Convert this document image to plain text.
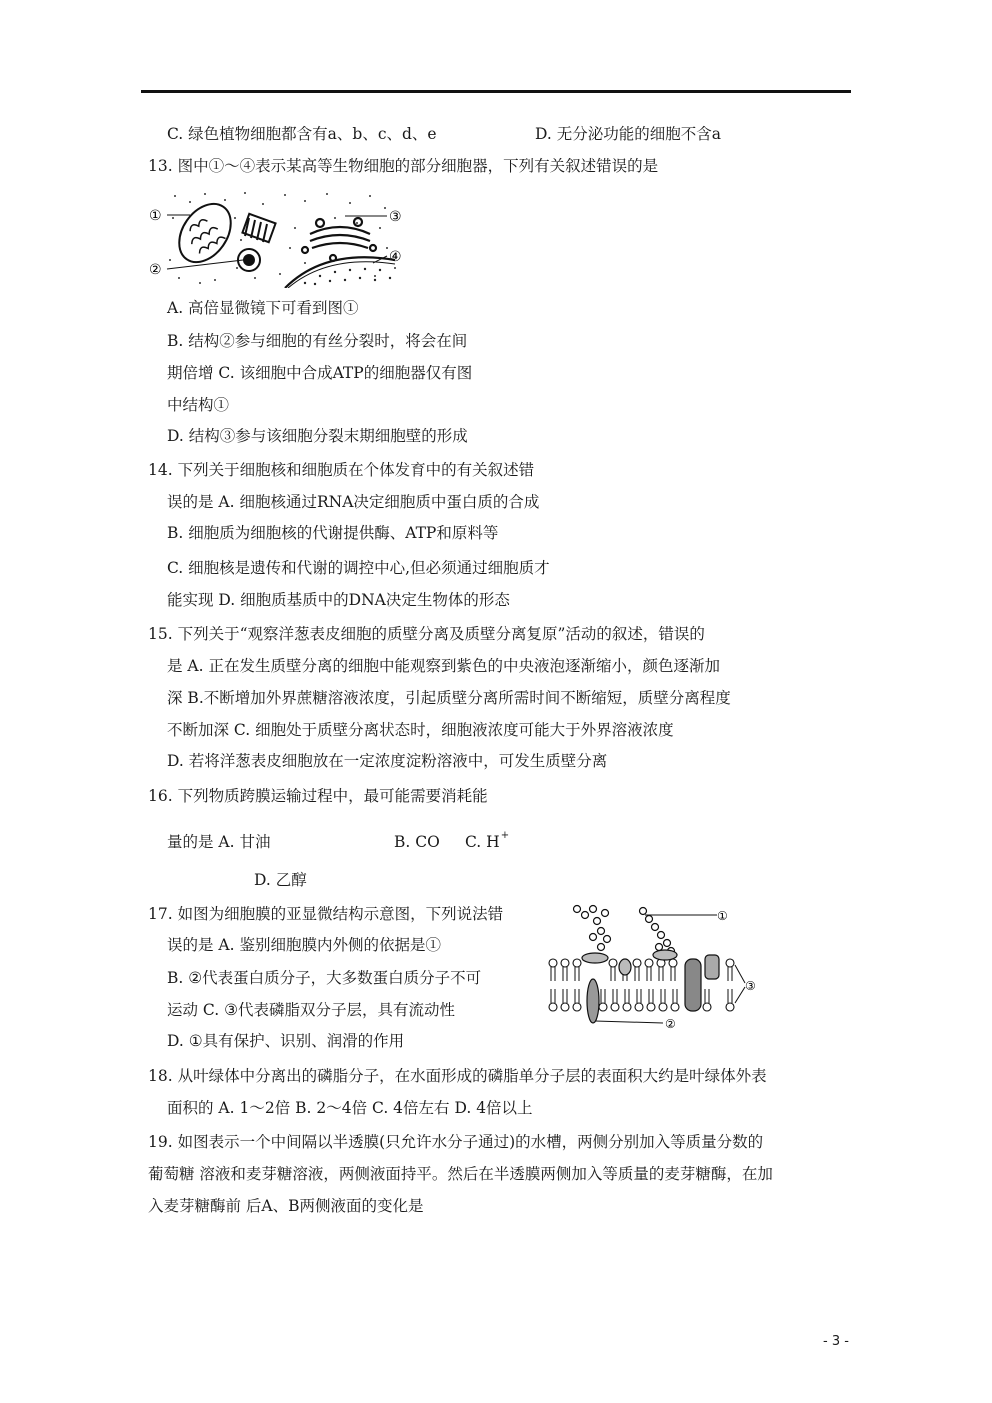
C. 绿色植物细胞都含有a、b、c、d、e	D. 无分泌功能的细胞不含a
13. 图中①～④表示某高等生物细胞的部分细胞器，下列有关叙述错误的是
①
②
③
④
A. 高倍显微镜下可看到图①
B. 结构②参与细胞的有丝分裂时，将会在间
期倍增 C. 该细胞中合成ATP的细胞器仅有图
中结构①
D. 结构③参与该细胞分裂末期细胞壁的形成
14. 下列关于细胞核和细胞质在个体发育中的有关叙述错
误的是 A. 细胞核通过RNA决定细胞质中蛋白质的合成
B. 细胞质为细胞核的代谢提供酶、ATP和原料等
C. 细胞核是遗传和代谢的调控中心,但必须通过细胞质才
能实现 D. 细胞质基质中的DNA决定生物体的形态
15. 下列关于“观察洋葱表皮细胞的质壁分离及质壁分离复原”活动的叙述，错误的
是 A. 正在发生质壁分离的细胞中能观察到紫色的中央液泡逐渐缩小，颜色逐渐加
深 B.不断增加外界蔗糖溶液浓度，引起质壁分离所需时间不断缩短，质壁分离程度
不断加深 C. 细胞处于质壁分离状态时，细胞液浓度可能大于外界溶液浓度
D. 若将洋葱表皮细胞放在一定浓度淀粉溶液中，可发生质壁分离
16. 下列物质跨膜运输过程中，最可能需要消耗能
量的是 A. 甘油	B. CO C. H+
D. 乙醇
17. 如图为细胞膜的亚显微结构示意图，下列说法错
误的是 A. 鉴别细胞膜内外侧的依据是①
B. ②代表蛋白质分子，大多数蛋白质分子不可
运动 C. ③代表磷脂双分子层，具有流动性
D. ①具有保护、识别、润滑的作用
①
②
③
18. 从叶绿体中分离出的磷脂分子，在水面形成的磷脂单分子层的表面积大约是叶绿体外表
面积的 A. 1～2倍 B. 2～4倍 C. 4倍左右 D. 4倍以上
19. 如图表示一个中间隔以半透膜(只允许水分子通过)的水槽，两侧分别加入等质量分数的
葡萄糖 溶液和麦芽糖溶液，两侧液面持平。然后在半透膜两侧加入等质量的麦芽糖酶，在加
入麦芽糖酶前 后A、B两侧液面的变化是
- 3 -
